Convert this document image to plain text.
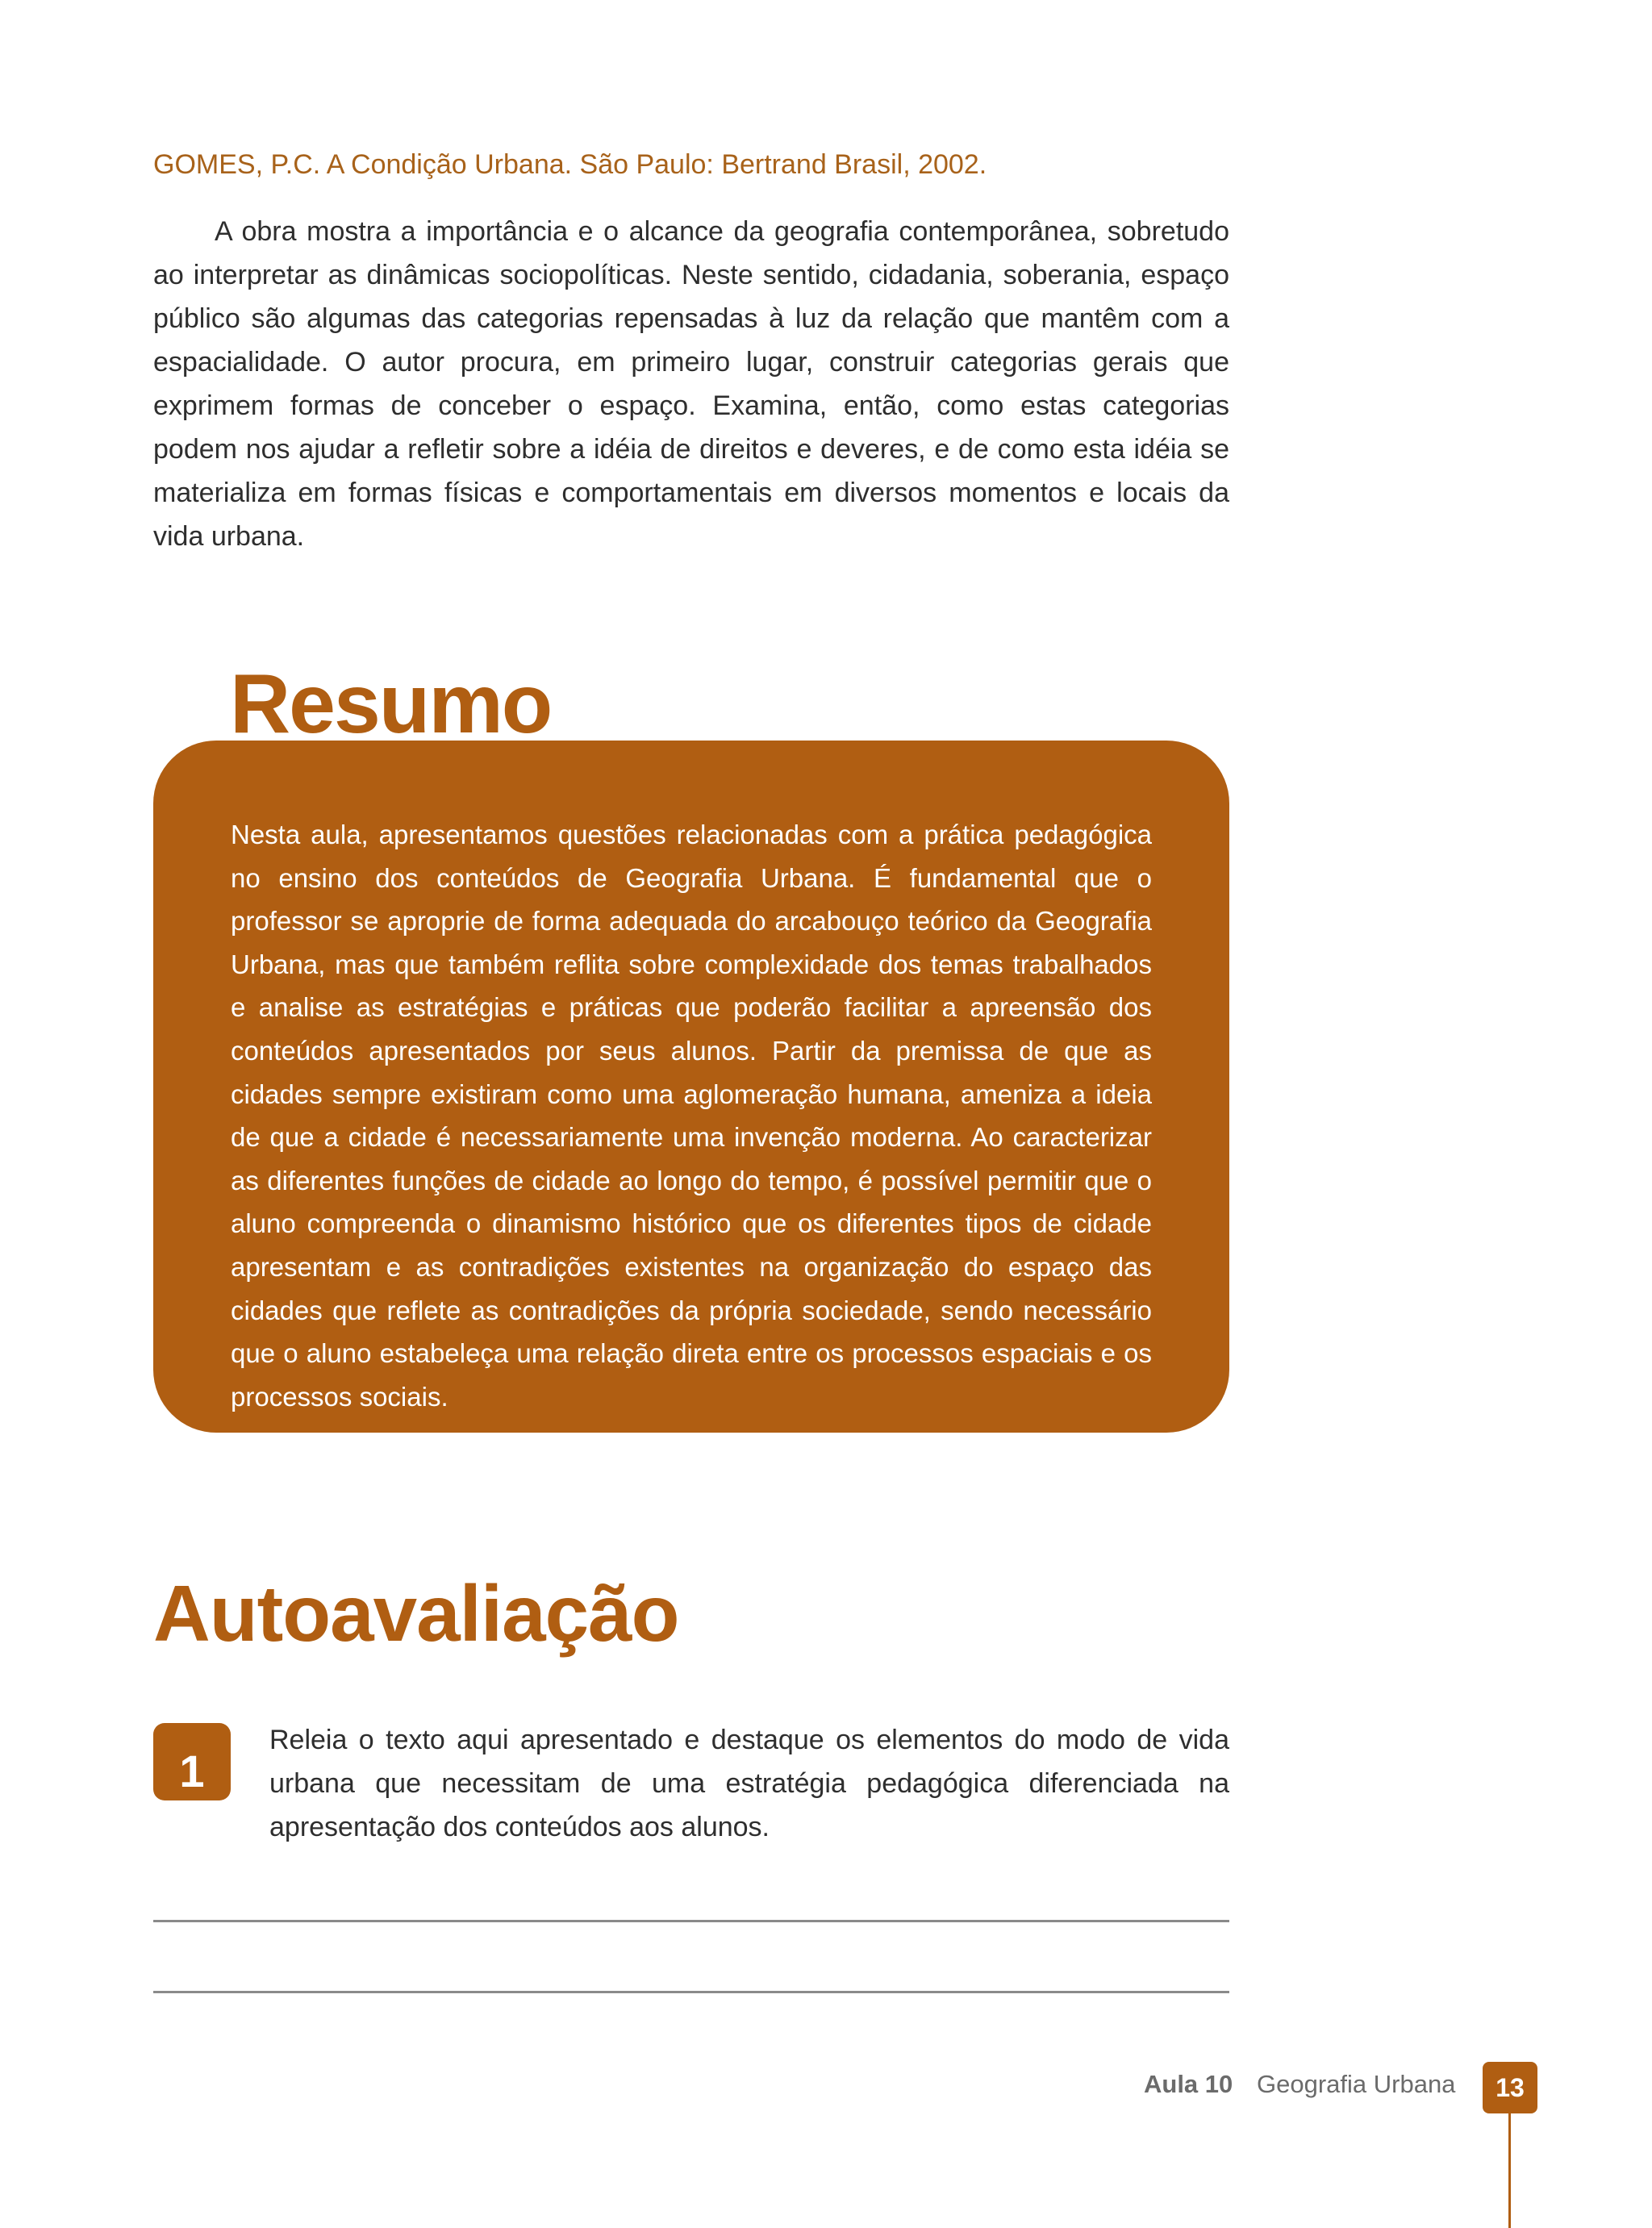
GOMES, P.C. A Condição Urbana. São Paulo: Bertrand Brasil, 2002.

A obra mostra a importância e o alcance da geografia contemporânea, sobretudo ao interpretar as dinâmicas sociopolíticas. Neste sentido, cidadania, soberania, espaço público são algumas das categorias repensadas à luz da relação que mantêm com a espacialidade. O autor procura, em primeiro lugar, construir categorias gerais que exprimem formas de conceber o espaço. Examina, então, como estas categorias podem nos ajudar a refletir sobre a idéia de direitos e deveres, e de como esta idéia se materializa em formas físicas e comportamentais em diversos momentos e locais da vida urbana.

Resumo

Nesta aula, apresentamos questões relacionadas com a prática pedagógica no ensino dos conteúdos de Geografia Urbana. É fundamental que o professor se aproprie de forma adequada do arcabouço teórico da Geografia Urbana, mas que também reflita sobre complexidade dos temas trabalhados e analise as estratégias e práticas que poderão facilitar a apreensão dos conteúdos apresentados por seus alunos. Partir da premissa de que as cidades sempre existiram como uma aglomeração humana, ameniza a ideia de que a cidade é necessariamente uma invenção moderna. Ao caracterizar as diferentes funções de cidade ao longo do tempo, é possível permitir que o aluno compreenda o dinamismo histórico que os diferentes tipos de cidade apresentam e as contradições existentes na organização do espaço das cidades que reflete as contradições da própria sociedade, sendo necessário que o aluno estabeleça uma relação direta entre os processos espaciais e os processos sociais.

Autoavaliação
1

Releia o texto aqui apresentado e destaque os elementos do modo de vida urbana que necessitam de uma estratégia pedagógica diferenciada na apresentação dos conteúdos aos alunos.

Aula 10 Geografia Urbana	13
